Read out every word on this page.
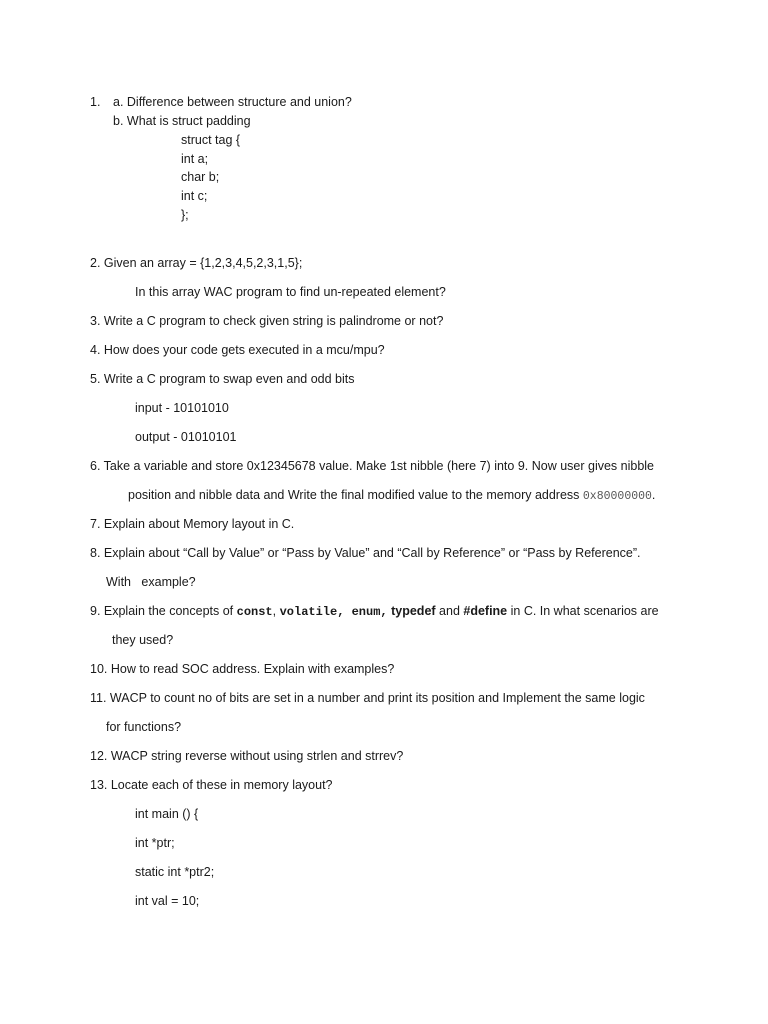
1. a. Difference between structure and union?
b. What is struct padding
struct tag {
int a;
char b;
int c;
};
2. Given an array = {1,2,3,4,5,2,3,1,5};
In this array WAC program to find un-repeated element?
3. Write a C program to check given string is palindrome or not?
4. How does your code gets executed in a mcu/mpu?
5. Write a C program to swap even and odd bits
input - 10101010
output - 01010101
6. Take a variable and store 0x12345678 value. Make 1st nibble (here 7) into 9. Now user gives nibble
position and nibble data and Write the final modified value to the memory address 0x80000000.
7. Explain about Memory layout in C.
8. Explain about “Call by Value” or “Pass by Value” and “Call by Reference” or “Pass by Reference”.
With   example?
9. Explain the concepts of const, volatile, enum, typedef and #define in C. In what scenarios are
they used?
10. How to read SOC address. Explain with examples?
11. WACP to count no of bits are set in a number and print its position and Implement the same logic
for functions?
12. WACP string reverse without using strlen and strrev?
13. Locate each of these in memory layout?
int main () {
int *ptr;
static int *ptr2;
int val = 10;
